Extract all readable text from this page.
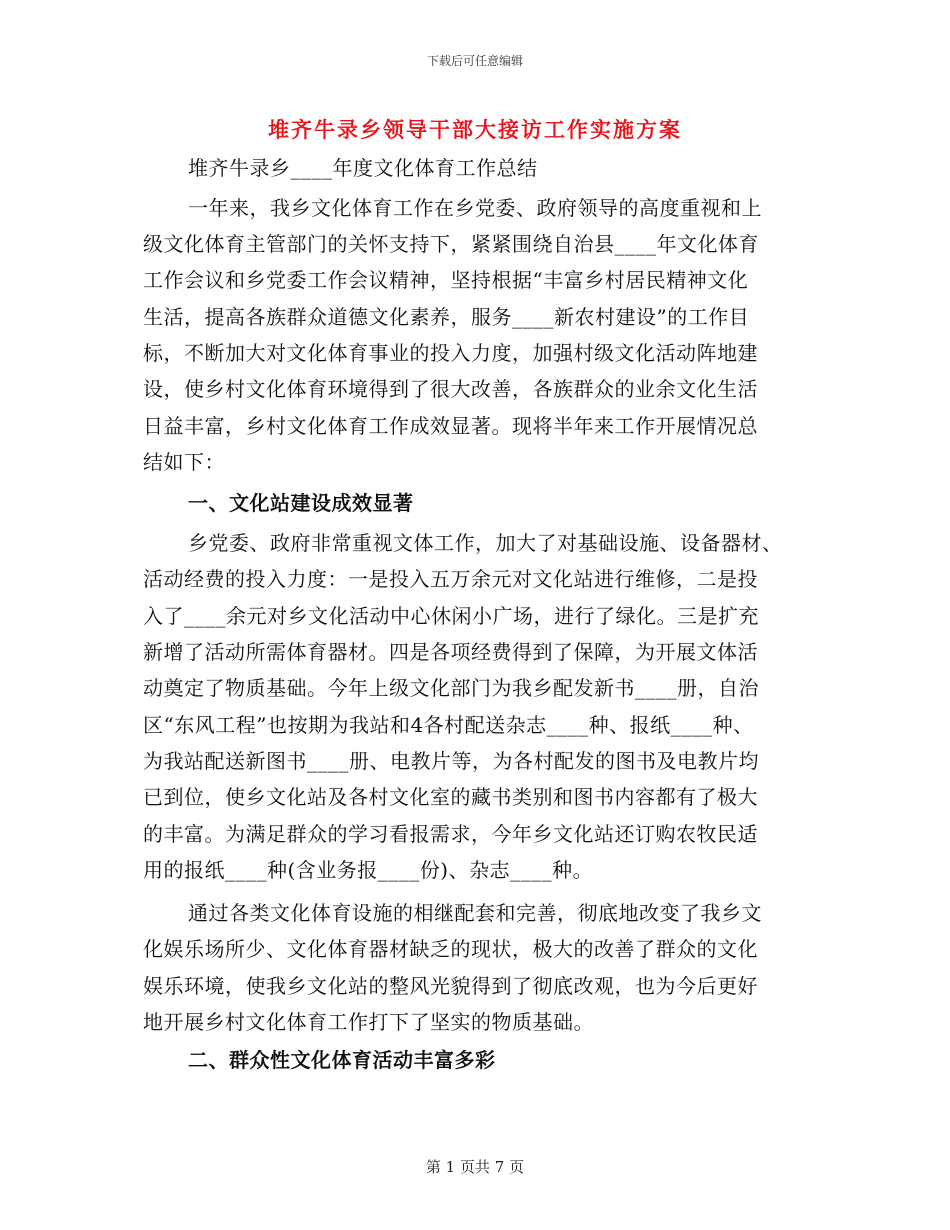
下载后可任意编辑
堆齐牛录乡领导干部大接访工作实施方案
堆齐牛录乡____年度文化体育工作总结
一年来，我乡文化体育工作在乡党委、政府领导的高度重视和上
级文化体育主管部门的关怀支持下，紧紧围绕自治县____年文化体育
工作会议和乡党委工作会议精神，坚持根据“丰富乡村居民精神文化
生活，提高各族群众道德文化素养，服务____新农村建设”的工作目
标，不断加大对文化体育事业的投入力度，加强村级文化活动阵地建
设，使乡村文化体育环境得到了很大改善，各族群众的业余文化生活
日益丰富，乡村文化体育工作成效显著。现将半年来工作开展情况总
结如下：
一、文化站建设成效显著
乡党委、政府非常重视文体工作，加大了对基础设施、设备器材、
活动经费的投入力度：一是投入五万余元对文化站进行维修，二是投
入了____余元对乡文化活动中心休闲小广场，进行了绿化。三是扩充
新增了活动所需体育器材。四是各项经费得到了保障，为开展文体活
动奠定了物质基础。今年上级文化部门为我乡配发新书____册，自治
区“东风工程”也按期为我站和4各村配送杂志____种、报纸____种、
为我站配送新图书____册、电教片等，为各村配发的图书及电教片均
已到位，使乡文化站及各村文化室的藏书类别和图书内容都有了极大
的丰富。为满足群众的学习看报需求，今年乡文化站还订购农牧民适
用的报纸____种(含业务报____份)、杂志____种。
通过各类文化体育设施的相继配套和完善，彻底地改变了我乡文
化娱乐场所少、文化体育器材缺乏的现状，极大的改善了群众的文化
娱乐环境，使我乡文化站的整风光貌得到了彻底改观，也为今后更好
地开展乡村文化体育工作打下了坚实的物质基础。
二、群众性文化体育活动丰富多彩
第 1 页共 7 页
